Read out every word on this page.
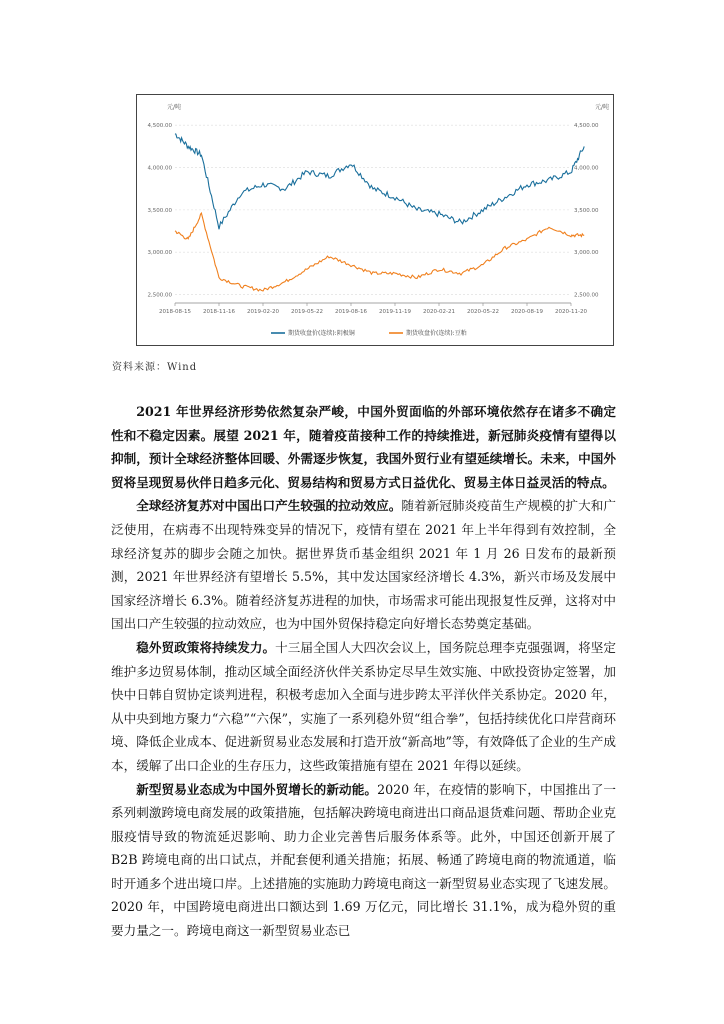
元/吨	元/吨
4,500.00	4,500.00
4,000.00	4,000.00
3,500.00	3,500.00
3,000.00	3,000.00
2,500.00	2,500.00
2018-08-15 2018-11-16 2019-02-20 2019-05-22 2019-08-16 2019-11-19 2020-02-21 2020-05-22 2020-08-19 2020-11-20
期货收盘价(连续):阴极铜	期货收盘价(连续):豆粕
资料来源：Wind

2021 年世界经济形势依然复杂严峻，中国外贸面临的外部环境依然存在诸多不确定性和不稳定因素。展望 2021 年，随着疫苗接种工作的持续推进，新冠肺炎疫情有望得以抑制，预计全球经济整体回暖、外需逐步恢复，我国外贸行业有望延续增长。未来，中国外贸将呈现贸易伙伴日趋多元化、贸易结构和贸易方式日益优化、贸易主体日益灵活的特点。

全球经济复苏对中国出口产生较强的拉动效应。随着新冠肺炎疫苗生产规模的扩大和广泛使用，在病毒不出现特殊变异的情况下，疫情有望在 2021 年上半年得到有效控制，全球经济复苏的脚步会随之加快。据世界货币基金组织 2021 年 1 月 26 日发布的最新预测，2021 年世界经济有望增长 5.5%，其中发达国家经济增长 4.3%，新兴市场及发展中国家经济增长 6.3%。随着经济复苏进程的加快，市场需求可能出现报复性反弹，这将对中国出口产生较强的拉动效应，也为中国外贸保持稳定向好增长态势奠定基础。

稳外贸政策将持续发力。十三届全国人大四次会议上，国务院总理李克强强调，将坚定维护多边贸易体制，推动区域全面经济伙伴关系协定尽早生效实施、中欧投资协定签署，加快中日韩自贸协定谈判进程，积极考虑加入全面与进步跨太平洋伙伴关系协定。2020 年，从中央到地方聚力“六稳”“六保”，实施了一系列稳外贸“组合拳”，包括持续优化口岸营商环境、降低企业成本、促进新贸易业态发展和打造开放“新高地”等，有效降低了企业的生产成本，缓解了出口企业的生存压力，这些政策措施有望在 2021 年得以延续。

新型贸易业态成为中国外贸增长的新动能。2020 年，在疫情的影响下，中国推出了一系列刺激跨境电商发展的政策措施，包括解决跨境电商进出口商品退货难问题、帮助企业克服疫情导致的物流延迟影响、助力企业完善售后服务体系等。此外，中国还创新开展了 B2B 跨境电商的出口试点，并配套便利通关措施；拓展、畅通了跨境电商的物流通道，临时开通多个进出境口岸。上述措施的实施助力跨境电商这一新型贸易业态实现了飞速发展。2020 年，中国跨境电商进出口额达到 1.69 万亿元，同比增长 31.1%，成为稳外贸的重要力量之一。跨境电商这一新型贸易业态已
